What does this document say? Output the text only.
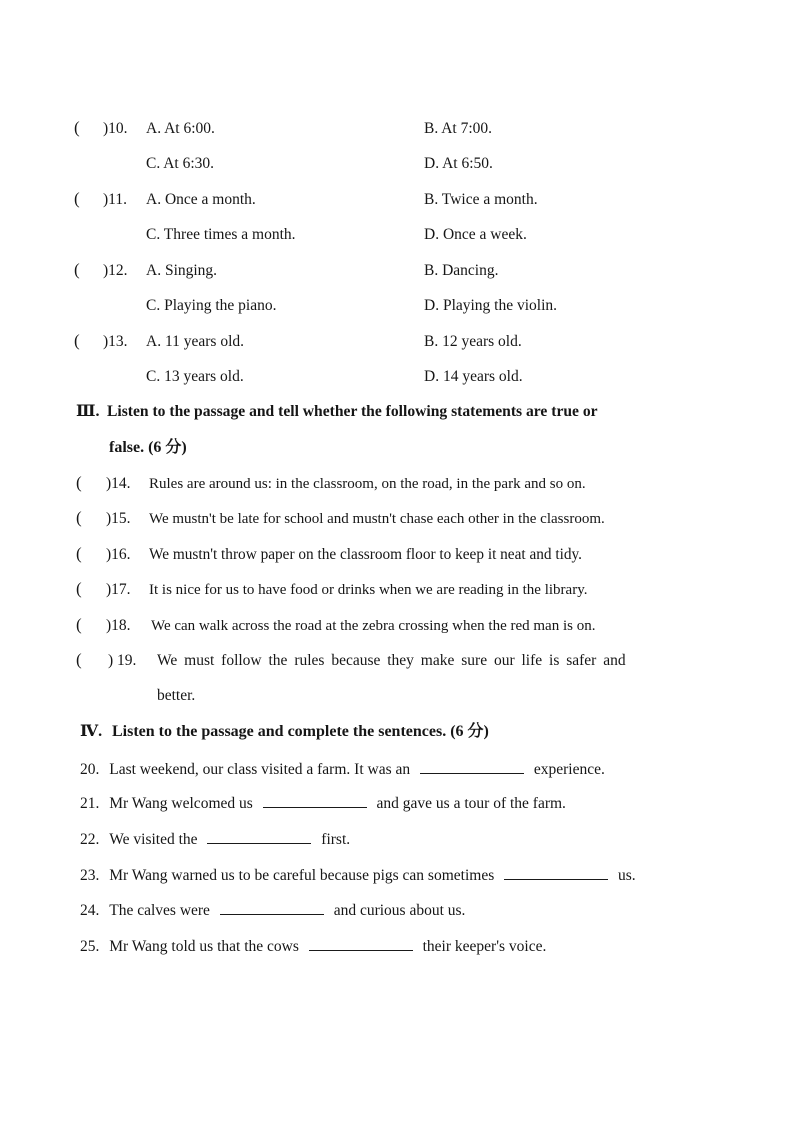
( )10. A. At 6:00.	B. At 7:00.
C. At 6:30.	D. At 6:50.
( )11. A. Once a month.	B. Twice a month.
C. Three times a month.	D. Once a week.
( )12. A. Singing.	B. Dancing.
C. Playing the piano.	D. Playing the violin.
( )13. A. 11 years old.	B. 12 years old.
C. 13 years old.	D. 14 years old.
Ⅲ. Listen to the passage and tell whether the following statements are true or
false. (6 分)
( )14. Rules are around us: in the classroom, on the road, in the park and so on.
( )15. We mustn't be late for school and mustn't chase each other in the classroom.
( )16. We mustn't throw paper on the classroom floor to keep it neat and tidy.
( )17. It is nice for us to have food or drinks when we are reading in the library.
( )18. We can walk across the road at the zebra crossing when the red man is on.
( ) 19. We must follow the rules because they make sure our life is safer and
better.
Ⅳ. Listen to the passage and complete the sentences. (6 分)
20. Last weekend, our class visited a farm. It was an	experience.
21. Mr Wang welcomed us	and gave us a tour of the farm.
22. We visited the	first.
23. Mr Wang warned us to be careful because pigs can sometimes	us.
24. The calves were	and curious about us.
25. Mr Wang told us that the cows	their keeper's voice.
